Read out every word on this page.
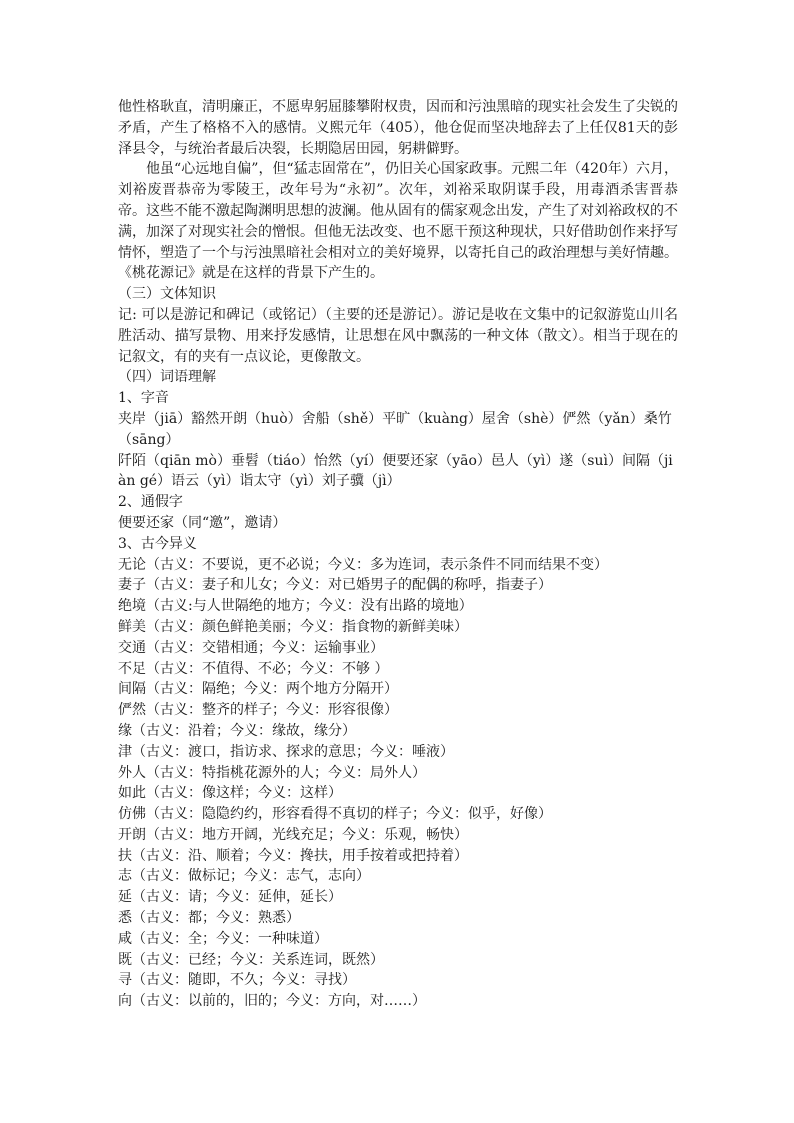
他性格耿直，清明廉正，不愿卑躬屈膝攀附权贵，因而和污浊黑暗的现实社会发生了尖锐的矛盾，产生了格格不入的感情。义熙元年（405），他仓促而坚决地辞去了上任仅81天的彭泽县令，与统治者最后决裂，长期隐居田园，躬耕僻野。

他虽“心远地自偏”，但“猛志固常在”，仍旧关心国家政事。元熙二年（420年）六月，刘裕废晋恭帝为零陵王，改年号为“永初”。次年，刘裕采取阴谋手段，用毒酒杀害晋恭帝。这些不能不激起陶渊明思想的波澜。他从固有的儒家观念出发，产生了对刘裕政权的不满，加深了对现实社会的憎恨。但他无法改变、也不愿干预这种现状，只好借助创作来抒写情怀，塑造了一个与污浊黑暗社会相对立的美好境界，以寄托自己的政治理想与美好情趣。《桃花源记》就是在这样的背景下产生的。

（三）文体知识

记: 可以是游记和碑记（或铭记）（主要的还是游记）。游记是收在文集中的记叙游览山川名胜活动、描写景物、用来抒发感情，让思想在风中飘荡的一种文体（散文）。相当于现在的记叙文，有的夹有一点议论，更像散文。

（四）词语理解

1、字音

夹岸（jiā）豁然开朗（huò）舍船（shě）平旷（kuàng）屋舍（shè）俨然（yǎn）桑竹（sāng）

阡陌（qiān mò）垂髫（tiáo）怡然（yí）便要还家（yāo）邑人（yì）遂（suì）间隔（jiàn gé）语云（yì）诣太守（yì）刘子骥（jì）

2、通假字

便要还家（同“邀”，邀请）

3、古今异义

无论（古义：不要说，更不必说；今义：多为连词，表示条件不同而结果不变）

妻子（古义：妻子和儿女；今义：对已婚男子的配偶的称呼，指妻子）

绝境（古义:与人世隔绝的地方；今义：没有出路的境地）

鲜美（古义：颜色鲜艳美丽；今义：指食物的新鲜美味）

交通（古义：交错相通；今义：运输事业）

不足（古义：不值得、不必；今义：不够 ）

间隔（古义：隔绝；今义：两个地方分隔开）

俨然（古义：整齐的样子；今义：形容很像）

缘（古义：沿着；今义：缘故，缘分）

津（古义：渡口，指访求、探求的意思；今义：唾液）

外人（古义：特指桃花源外的人；今义：局外人）

如此（古义：像这样；今义：这样）

仿佛（古义：隐隐约约，形容看得不真切的样子；今义：似乎，好像）

开朗（古义：地方开阔，光线充足；今义：乐观，畅快）

扶（古义：沿、顺着；今义：搀扶，用手按着或把持着）

志（古义：做标记；今义：志气，志向）

延（古义：请；今义：延伸，延长）

悉（古义：都；今义：熟悉）

咸（古义：全；今义：一种味道）

既（古义：已经；今义：关系连词，既然）

寻（古义：随即，不久；今义：寻找）

向（古义：以前的，旧的；今义：方向，对……）
